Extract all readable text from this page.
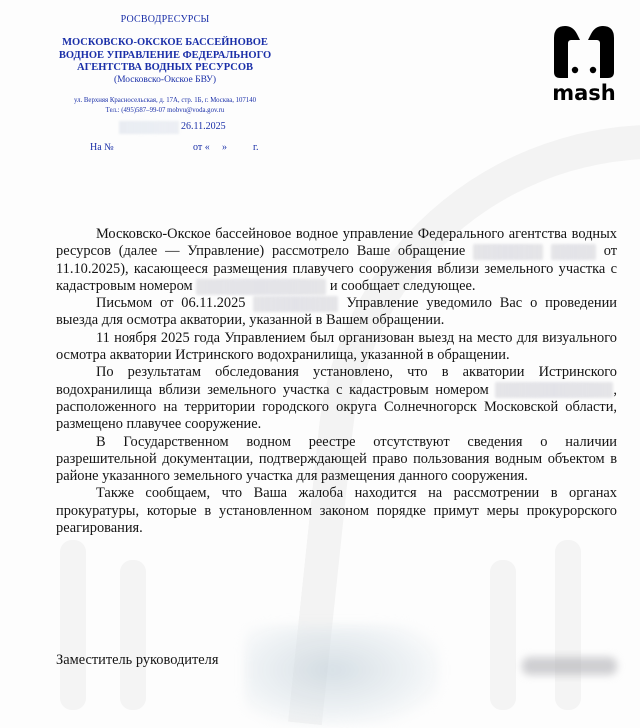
РОСВОДРЕСУРСЫ
МОСКОВСКО-ОКСКОЕ БАССЕЙНОВОЕ
ВОДНОЕ УПРАВЛЕНИЕ ФЕДЕРАЛЬНОГО
АГЕНТСТВА ВОДНЫХ РЕСУРСОВ
(Московско-Окское БВУ)
ул. Верхняя Красносельская, д. 17А, стр. 1Б, г. Москва, 107140
Тел.: (495)587–99-07 mobvu@voda.gov.ru
26.11.2025
На №	от « »	г.
mash

Московско-Окское бассейновое водное управление Федерального агентства водных ресурсов (далее — Управление) рассмотрело Ваше обращение	от 11.10.2025), касающееся размещения плавучего сооружения вблизи земельного участка с кадастровым номером	и сообщает следующее.

Письмом от 06.11.2025	Управление уведомило Вас о проведении выезда для осмотра акватории, указанной в Вашем обращении.

11 ноября 2025 года Управлением был организован выезд на место для визуального осмотра акватории Истринского водохранилища, указанной в обращении.

По результатам обследования установлено, что в акватории Истринского водохранилища вблизи земельного участка с кадастровым номером	, расположенного на территории городского округа Солнечногорск Московской области, размещено плавучее сооружение.

В Государственном водном реестре отсутствуют сведения о наличии разрешительной документации, подтверждающей право пользования водным объектом в районе указанного земельного участка для размещения данного сооружения.

Также сообщаем, что Ваша жалоба находится на рассмотрении в органах прокуратуры, которые в установленном законом порядке примут меры прокурорского реагирования.

Заместитель руководителя
